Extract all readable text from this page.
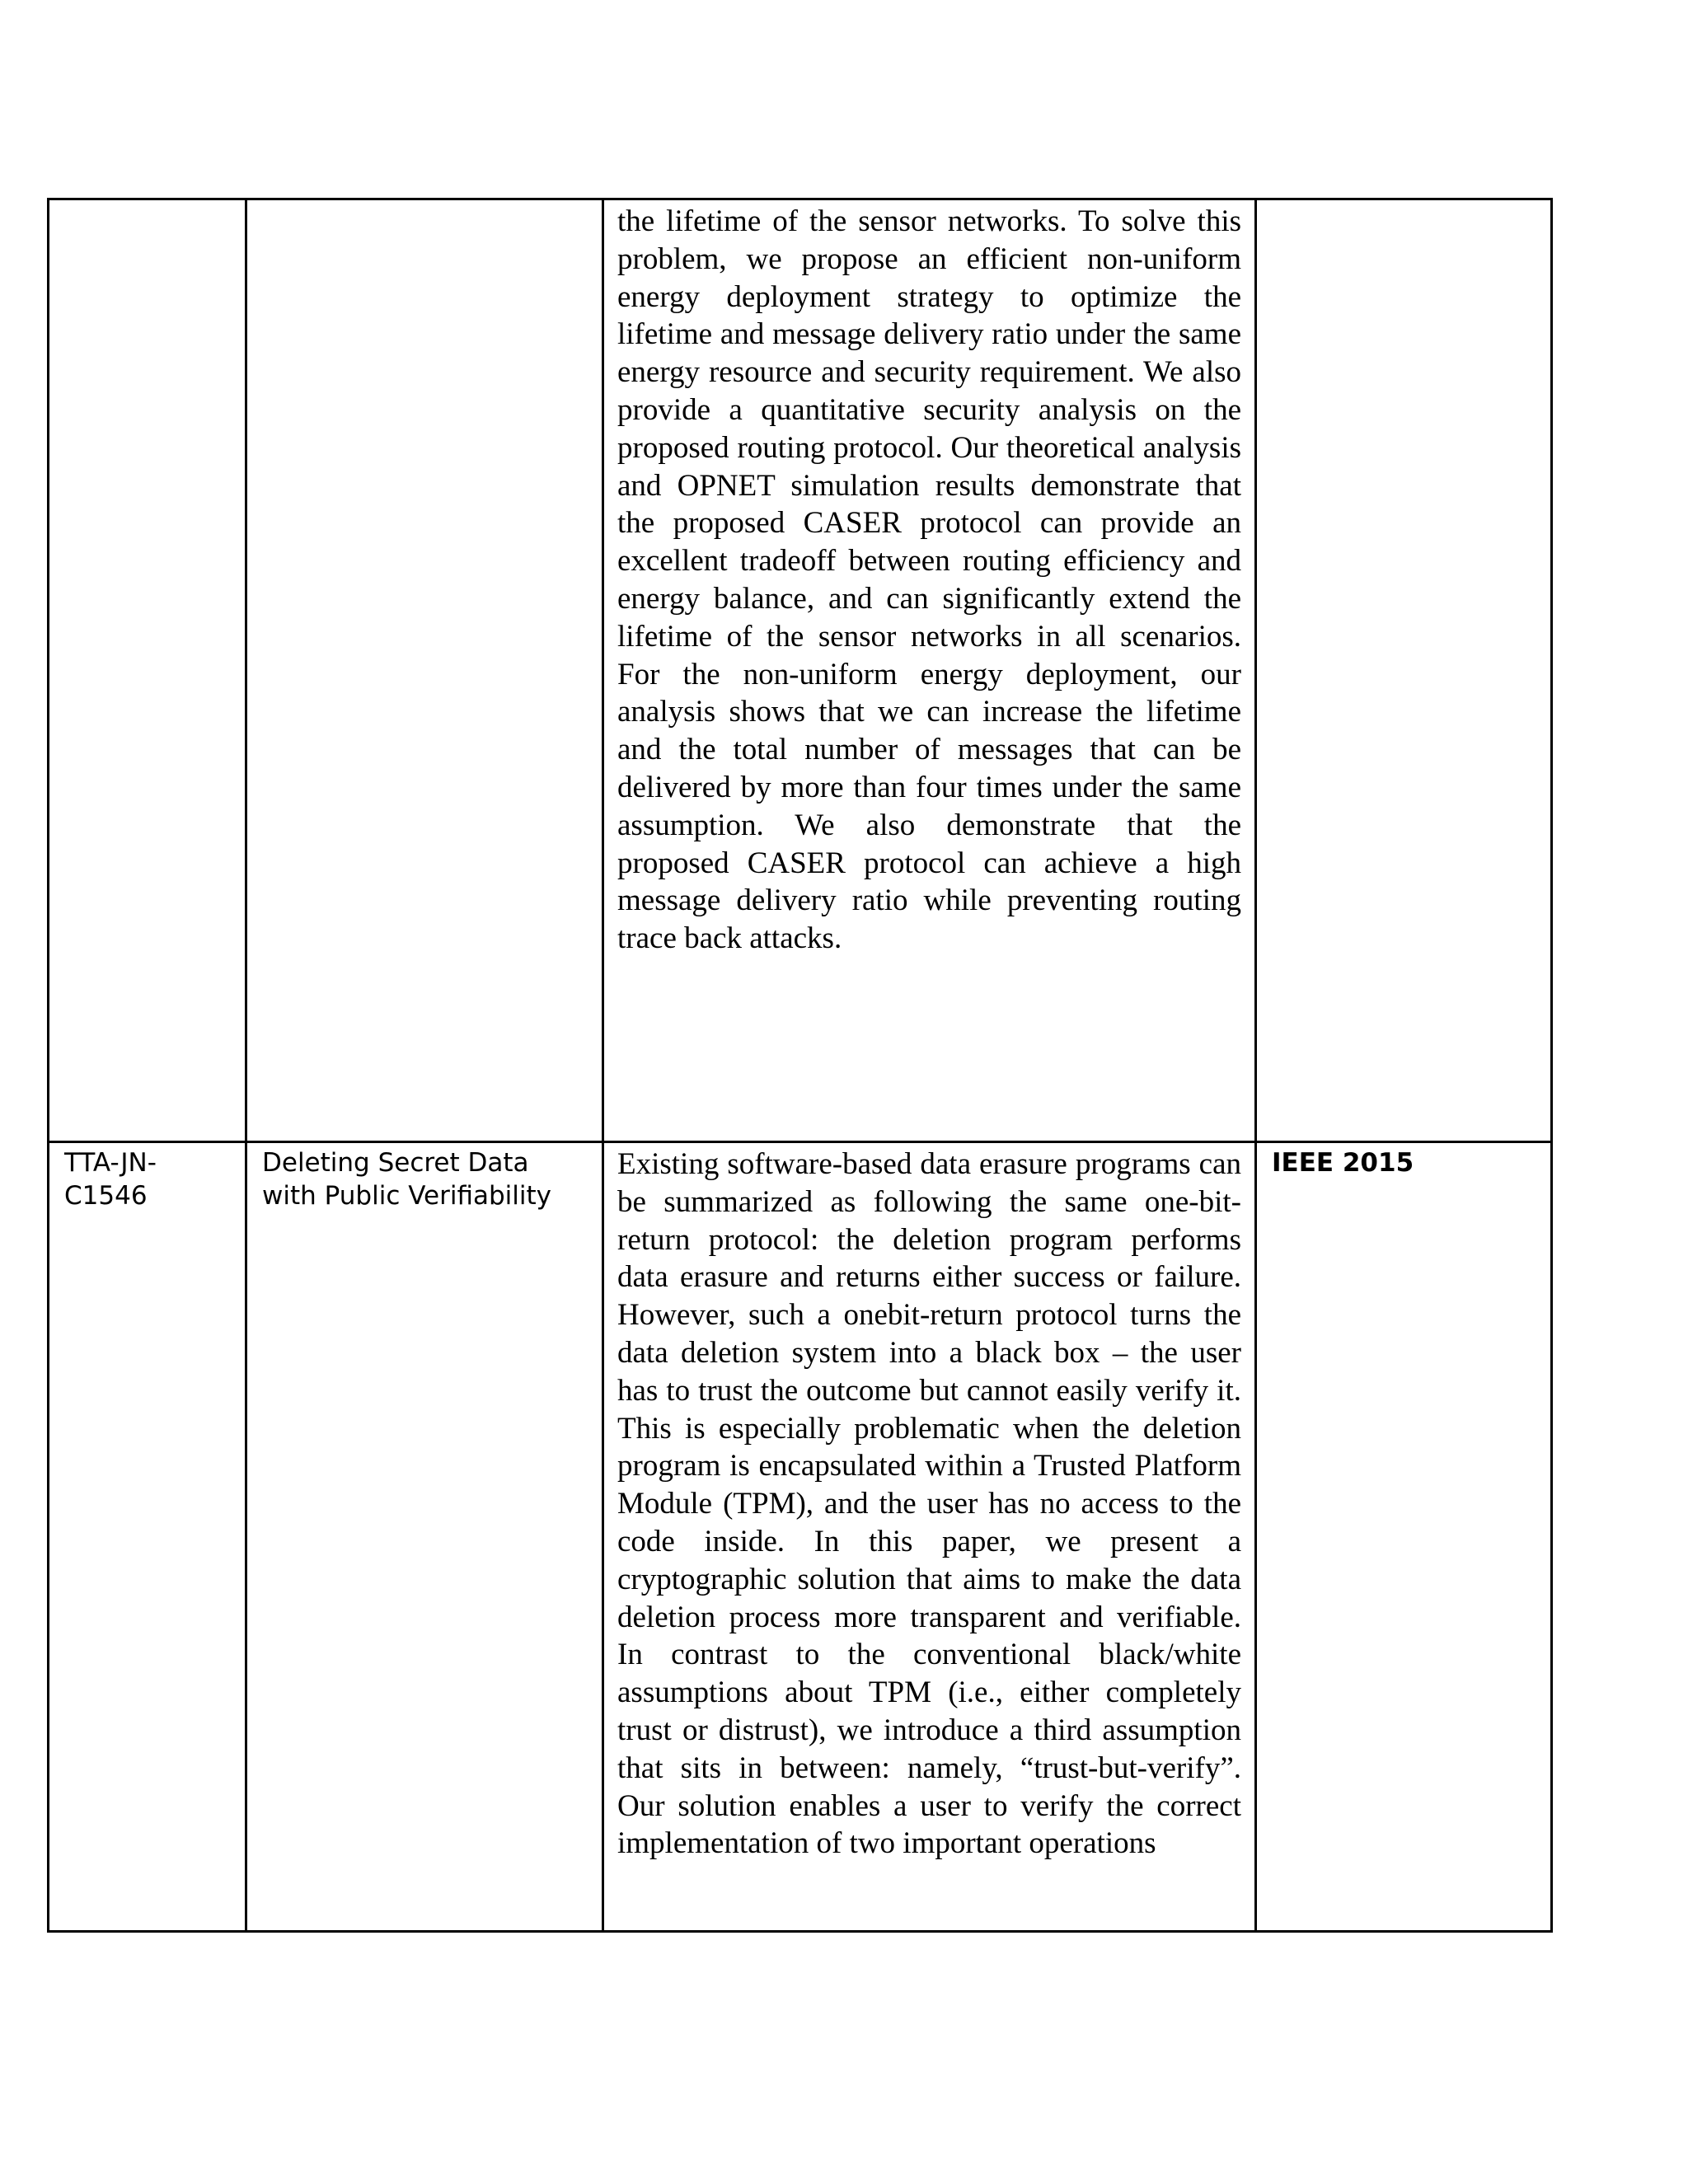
		the lifetime of the sensor networks. To solve this problem, we propose an efficient non-uniform energy deployment strategy to optimize the lifetime and message delivery ratio under the same energy resource and security requirement. We also provide a quantitative security analysis on the proposed routing protocol. Our theoretical analysis and OPNET simulation results demonstrate that the proposed CASER protocol can provide an excellent tradeoff between routing efficiency and energy balance, and can significantly extend the lifetime of the sensor networks in all scenarios. For the non-uniform energy deployment, our analysis shows that we can increase the lifetime and the total number of messages that can be delivered by more than four times under the same assumption. We also demonstrate that the proposed CASER protocol can achieve a high message delivery ratio while preventing routing trace back attacks.	

TTA-JN-C1546	Deleting Secret Data with Public Verifiability	Existing software-based data erasure programs can be summarized as following the same one-bit-return protocol: the deletion program performs data erasure and returns either success or failure. However, such a onebit-return protocol turns the data deletion system into a black box – the user has to trust the outcome but cannot easily verify it. This is especially problematic when the deletion program is encapsulated within a Trusted Platform Module (TPM), and the user has no access to the code inside. In this paper, we present a cryptographic solution that aims to make the data deletion process more transparent and verifiable. In contrast to the conventional black/white assumptions about TPM (i.e., either completely trust or distrust), we introduce a third assumption that sits in between: namely, “trust-but-verify”. Our solution enables a user to verify the correct implementation of two important operations	IEEE 2015
